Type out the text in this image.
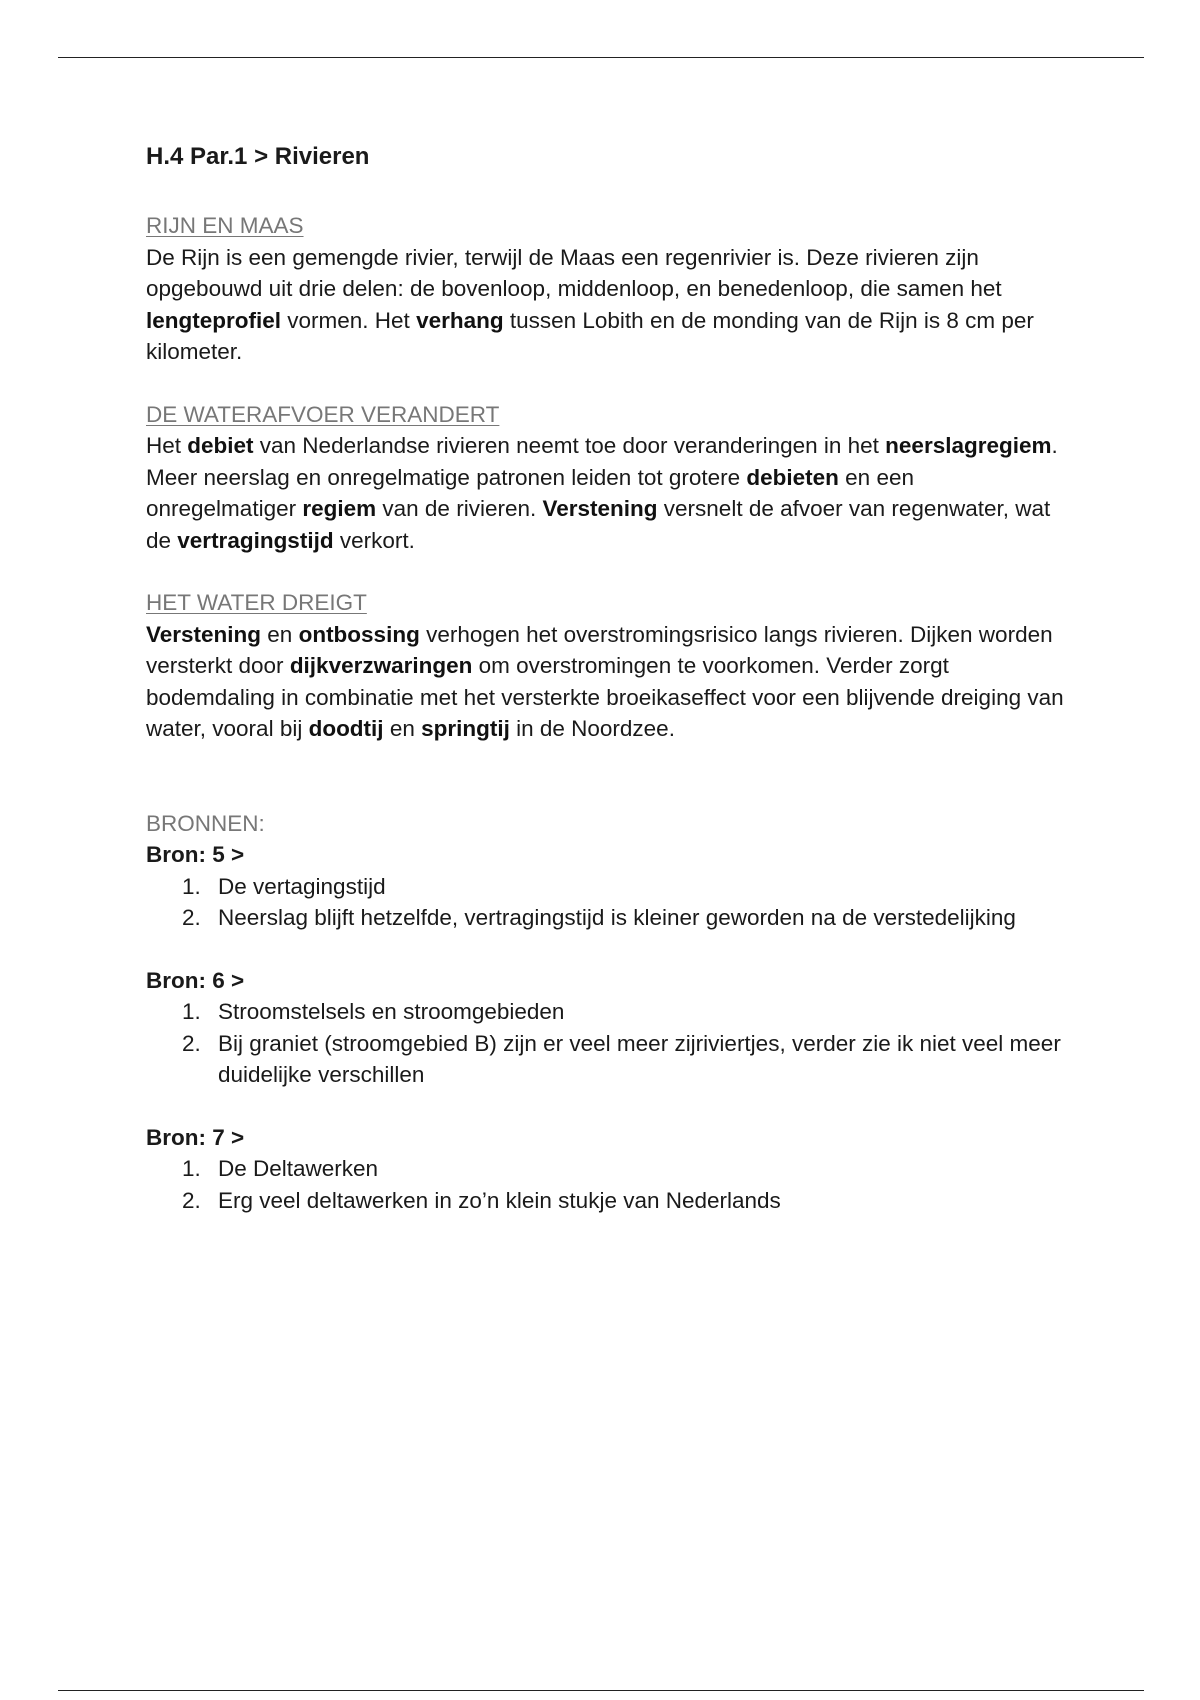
H.4 Par.1 > Rivieren
RIJN EN MAAS

De Rijn is een gemengde rivier, terwijl de Maas een regenrivier is. Deze rivieren zijn opgebouwd uit drie delen: de bovenloop, middenloop, en benedenloop, die samen het lengteprofiel vormen. Het verhang tussen Lobith en de monding van de Rijn is 8 cm per kilometer.

DE WATERAFVOER VERANDERT

Het debiet van Nederlandse rivieren neemt toe door veranderingen in het neerslagregiem. Meer neerslag en onregelmatige patronen leiden tot grotere debieten en een onregelmatiger regiem van de rivieren. Verstening versnelt de afvoer van regenwater, wat de vertragingstijd verkort.

HET WATER DREIGT

Verstening en ontbossing verhogen het overstromingsrisico langs rivieren. Dijken worden versterkt door dijkverzwaringen om overstromingen te voorkomen. Verder zorgt bodemdaling in combinatie met het versterkte broeikaseffect voor een blijvende dreiging van water, vooral bij doodtij en springtij in de Noordzee.

BRONNEN:
Bron: 5 >
1. De vertagingstijd
2. Neerslag blijft hetzelfde, vertragingstijd is kleiner geworden na de verstedelijking
Bron: 6 >
1. Stroomstelsels en stroomgebieden
2. Bij graniet (stroomgebied B) zijn er veel meer zijriviertjes, verder zie ik niet veel meer duidelijke verschillen
Bron: 7 >
1. De Deltawerken
2. Erg veel deltawerken in zo’n klein stukje van Nederlands
